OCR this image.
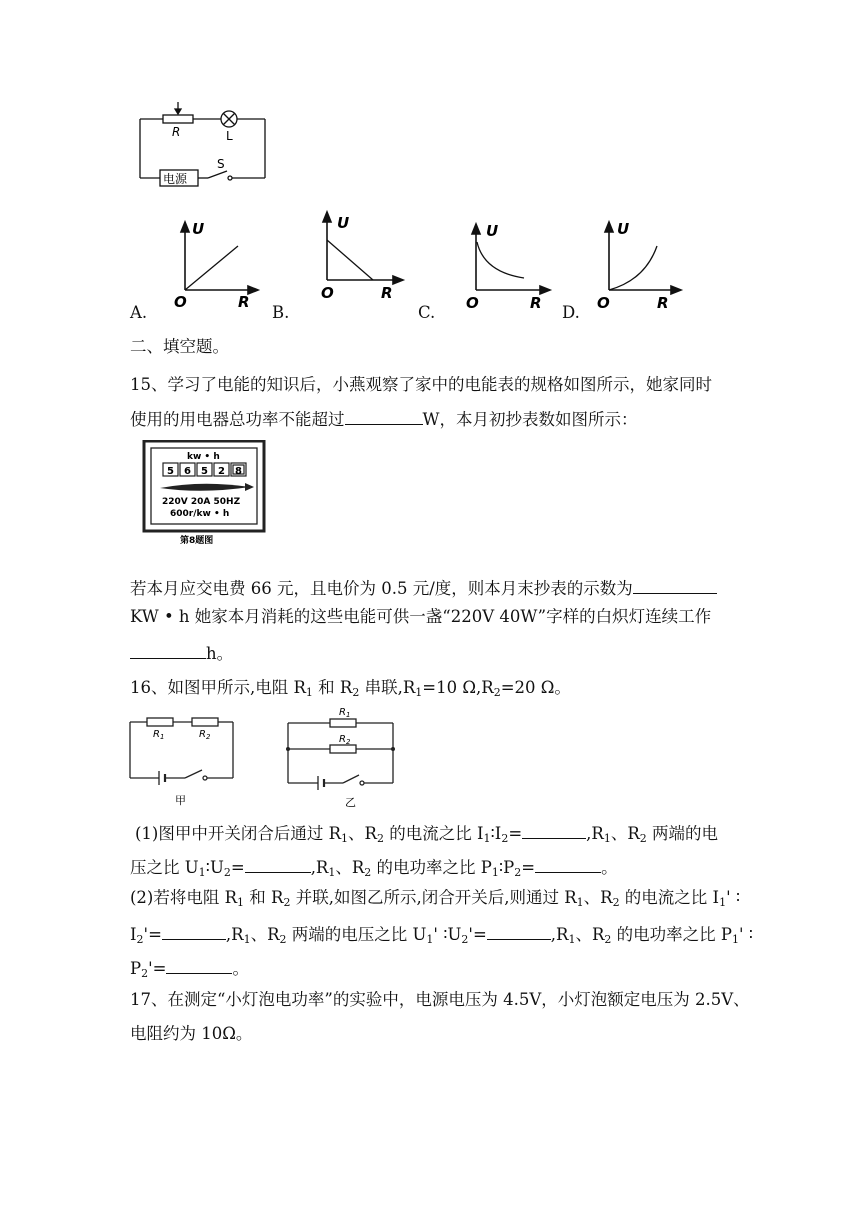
R	L
S
电源
A.
U
O	R
B.
U
O	R
C.
U
O	R D.
U
O	R
二、填空题。
15、学习了电能的知识后，小燕观察了家中的电能表的规格如图所示，她家同时
使用的用电器总功率不能超过	W，本月初抄表数如图所示：
kw • h
5 6 5 2 8
220V 20A 50HZ
600r/kw • h
第8题图
若本月应交电费 66 元，且电价为 0.5 元/度，则本月末抄表的示数为
KW • h 她家本月消耗的这些电能可供一盏“220V 40W”字样的白炽灯连续工作
h。
16、如图甲所示,电阻 $R_1$ 和 $R_2$ 串联$,R_1=10$ $\Omega,R_2=20$ Ω。
$R_1$	$R_2$
甲
$R_1$
$R_2$
乙
(1)图甲中开关闭合后通过 $R_1$、$R_2$ 的电流之比 $I_1∶I_2=$	$,R_1$、$R_2$ 两端的电
压之比 $U_1∶U_2=$	$,R_1$、$R_2$ 的电功率之比 $P_1∶P_2=$	。
(2)若将电阻 $R_1$ 和 $R_2$ 并联,如图乙所示,闭合开关后,则通过 $R_1$、$R_2$ 的电流之比 $I_1'$ ∶
$I_2'=$	$,R_1$、$R_2$ 两端的电压之比 $U_1'$ $∶U_2'=$	$,R_1$、$R_2$ 的电功率之比 $P_1'$ ∶
$P_2'=$	。
17、在测定“小灯泡电功率”的实验中，电源电压为 4.5V，小灯泡额定电压为 2.5V、
电阻约为 10Ω。
